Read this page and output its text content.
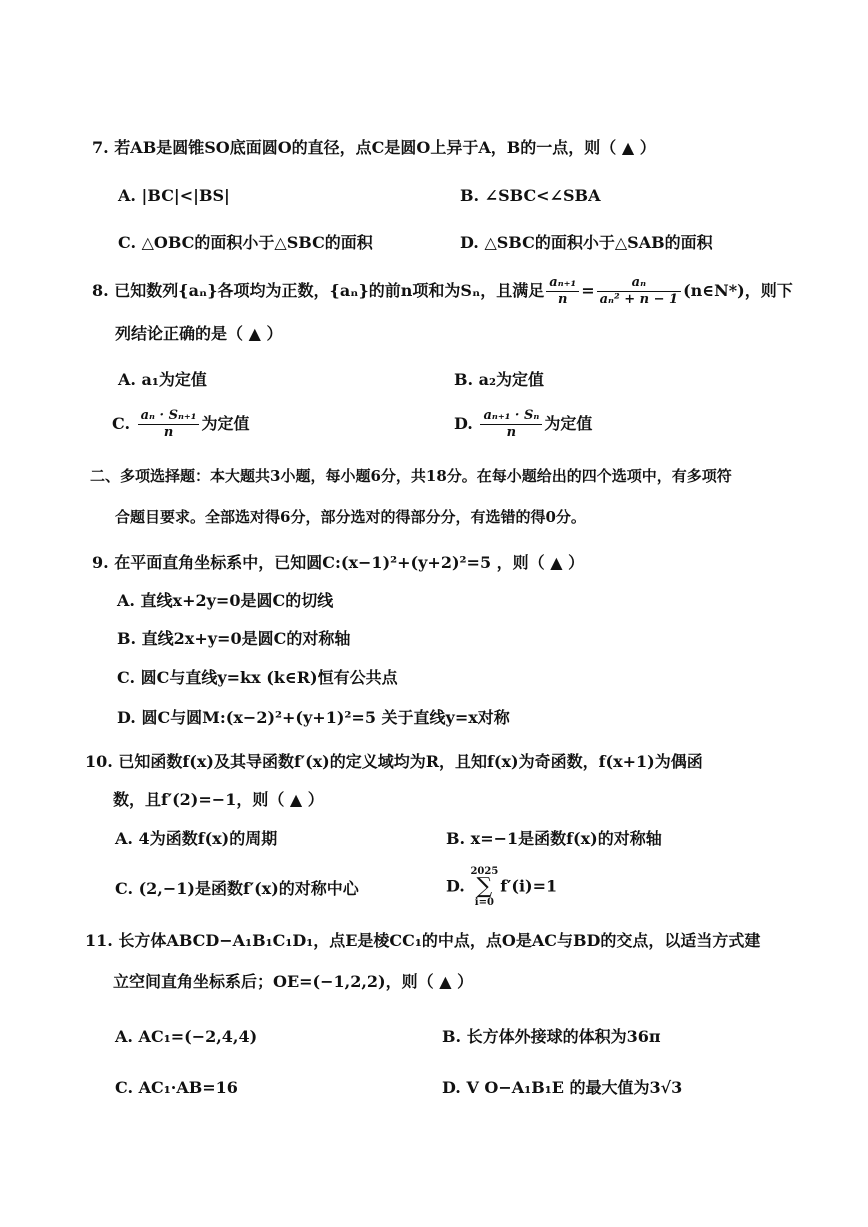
7. 若AB是圆锥SO底面圆O的直径，点C是圆O上异于A，B的一点，则（ ▲ ）
A. |BC|<|BS|	B. ∠SBC<∠SBA
C. △OBC的面积小于△SBC的面积	D. △SBC的面积小于△SAB的面积
8. 已知数列{aₙ}各项均为正数，{aₙ}的前n项和为Sₙ，且满足 $\frac{\text{aₙ₊₁}}{n} = \frac{\text{aₙ}}{\text{aₙ² + n − 1}}$ (n∈N*)，则下
列结论正确的是（ ▲ ）
A. a₁为定值	B. a₂为定值
C. $\frac{\text{aₙ · Sₙ₊₁}}{n}$ 为定值	D. $\frac{\text{aₙ₊₁ · Sₙ}}{n}$ 为定值
二、多项选择题：本大题共3小题，每小题6分，共18分。在每小题给出的四个选项中，有多项符
合题目要求。全部选对得6分，部分选对的得部分分，有选错的得0分。
9. 在平面直角坐标系中，已知圆C:(x−1)²+(y+2)²=5 ，则（ ▲ ）
A. 直线x+2y=0是圆C的切线
B. 直线2x+y=0是圆C的对称轴
C. 圆C与直线y=kx (k∈R)恒有公共点
D. 圆C与圆M:(x−2)²+(y+1)²=5 关于直线y=x对称
10. 已知函数f(x)及其导函数f′(x)的定义域均为R，且知f(x)为奇函数，f(x+1)为偶函
数，且f′(2)=−1，则（ ▲ ）
A. 4为函数f(x)的周期	B. x=−1是函数f(x)的对称轴
C. (2,−1)是函数f′(x)的对称中心	D.
2025
∑
i=0
f′(i)=1
11. 长方体ABCD−A₁B₁C₁D₁，点E是棱CC₁的中点，点O是AC与BD的交点，以适当方式建
立空间直角坐标系后；OE=(−1,2,2)，则（ ▲ ）
A. AC₁=(−2,4,4)	B. 长方体外接球的体积为36π
C. AC₁·AB=16	D. V O−A₁B₁E 的最大值为3√3
